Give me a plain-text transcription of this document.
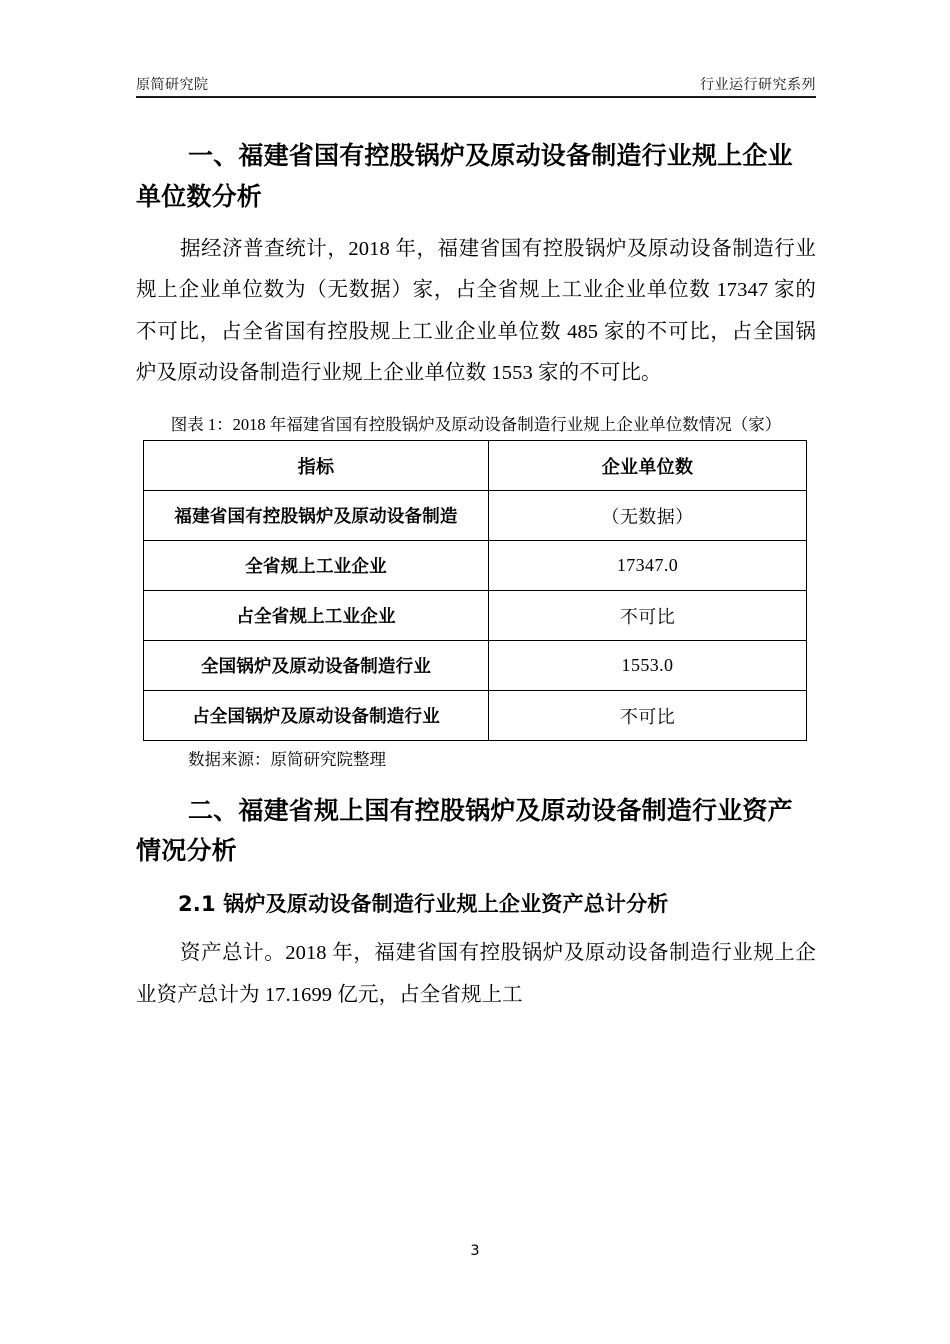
原简研究院	行业运行研究系列
一、福建省国有控股锅炉及原动设备制造行业规上企业单位数分析

据经济普查统计，2018 年，福建省国有控股锅炉及原动设备制造行业规上企业单位数为（无数据）家，占全省规上工业企业单位数 17347 家的不可比，占全省国有控股规上工业企业单位数 485 家的不可比，占全国锅炉及原动设备制造行业规上企业单位数 1553 家的不可比。

图表 1：2018 年福建省国有控股锅炉及原动设备制造行业规上企业单位数情况（家）
指标	企业单位数
福建省国有控股锅炉及原动设备制造	（无数据）
全省规上工业企业	17347.0
占全省规上工业企业	不可比
全国锅炉及原动设备制造行业	1553.0
占全国锅炉及原动设备制造行业	不可比
数据来源：原简研究院整理
二、福建省规上国有控股锅炉及原动设备制造行业资产情况分析
2.1 锅炉及原动设备制造行业规上企业资产总计分析

资产总计。2018 年，福建省国有控股锅炉及原动设备制造行业规上企业资产总计为 17.1699 亿元，占全省规上工

3
